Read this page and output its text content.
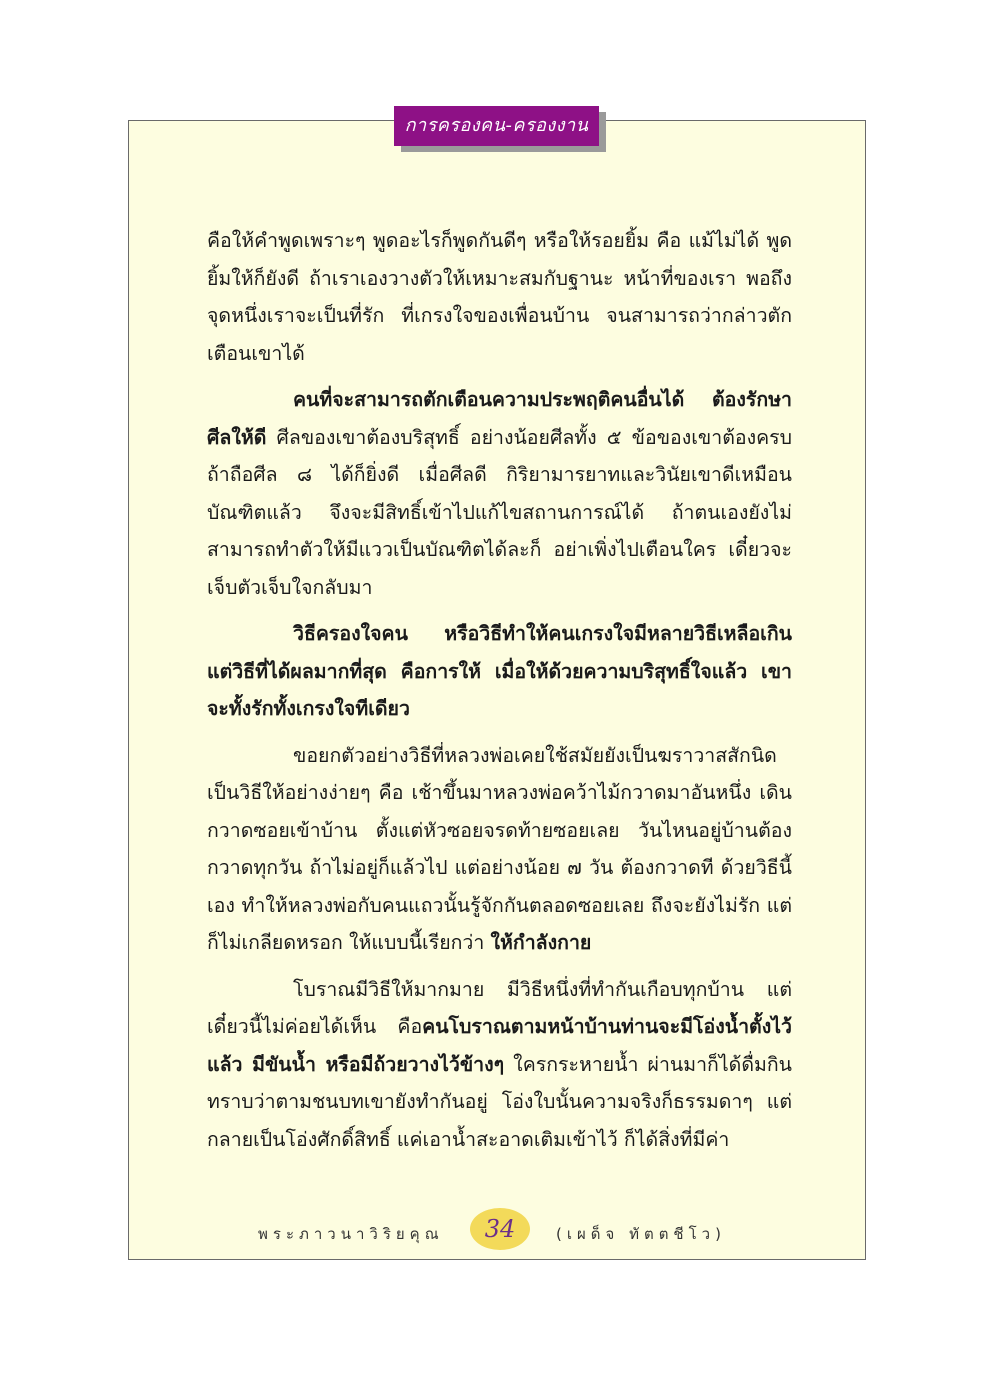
การครองคน-ครองงาน

คือให้คำพูดเพราะๆ พูดอะไรก็พูดกันดีๆ หรือให้รอยยิ้ม คือ แม้ไม่ได้ พูด ยิ้มให้ก็ยังดี ถ้าเราเองวางตัวให้เหมาะสมกับฐานะ หน้าที่ของเรา พอถึงจุดหนึ่งเราจะเป็นที่รัก ที่เกรงใจของเพื่อนบ้าน จนสามารถว่ากล่าวตักเตือนเขาได้

คนที่จะสามารถตักเตือนความประพฤติคนอื่นได้ ต้องรักษาศีลให้ดี ศีลของเขาต้องบริสุทธิ์ อย่างน้อยศีลทั้ง ๕ ข้อของเขาต้องครบ ถ้าถือศีล ๘ ได้ก็ยิ่งดี เมื่อศีลดี กิริยามารยาทและวินัยเขาดีเหมือนบัณฑิตแล้ว จึงจะมีสิทธิ์เข้าไปแก้ไขสถานการณ์ได้ ถ้าตนเองยังไม่สามารถทำตัวให้มีแววเป็นบัณฑิตได้ละก็ อย่าเพิ่งไปเตือนใคร เดี๋ยวจะเจ็บตัวเจ็บใจกลับมา

วิธีครองใจคน หรือวิธีทำให้คนเกรงใจมีหลายวิธีเหลือเกิน แต่วิธีที่ได้ผลมากที่สุด คือการให้ เมื่อให้ด้วยความบริสุทธิ์ใจแล้ว เขาจะทั้งรักทั้งเกรงใจทีเดียว

ขอยกตัวอย่างวิธีที่หลวงพ่อเคยใช้สมัยยังเป็นฆราวาสสักนิด เป็นวิธีให้อย่างง่ายๆ คือ เช้าขึ้นมาหลวงพ่อคว้าไม้กวาดมาอันหนึ่ง เดินกวาดซอยเข้าบ้าน ตั้งแต่หัวซอยจรดท้ายซอยเลย วันไหนอยู่บ้านต้องกวาดทุกวัน ถ้าไม่อยู่ก็แล้วไป แต่อย่างน้อย ๗ วัน ต้องกวาดที ด้วยวิธีนี้เอง ทำให้หลวงพ่อกับคนแถวนั้นรู้จักกันตลอดซอยเลย ถึงจะยังไม่รัก แต่ก็ไม่เกลียดหรอก ให้แบบนี้เรียกว่า ให้กำลังกาย

โบราณมีวิธีให้มากมาย มีวิธีหนึ่งที่ทำกันเกือบทุกบ้าน แต่เดี๋ยวนี้ไม่ค่อยได้เห็น คือคนโบราณตามหน้าบ้านท่านจะมีโอ่งน้ำตั้งไว้แล้ว มีขันน้ำ หรือมีถ้วยวางไว้ข้างๆ ใครกระหายน้ำ ผ่านมาก็ได้ดื่มกิน ทราบว่าตามชนบทเขายังทำกันอยู่ โอ่งใบนั้นความจริงก็ธรรมดาๆ แต่กลายเป็นโอ่งศักดิ์สิทธิ์ แค่เอาน้ำสะอาดเติมเข้าไว้ ก็ได้สิ่งที่มีค่า

พระภาวนาวิริยคุณ	34	(เผด็จ ทัตตชีโว)
